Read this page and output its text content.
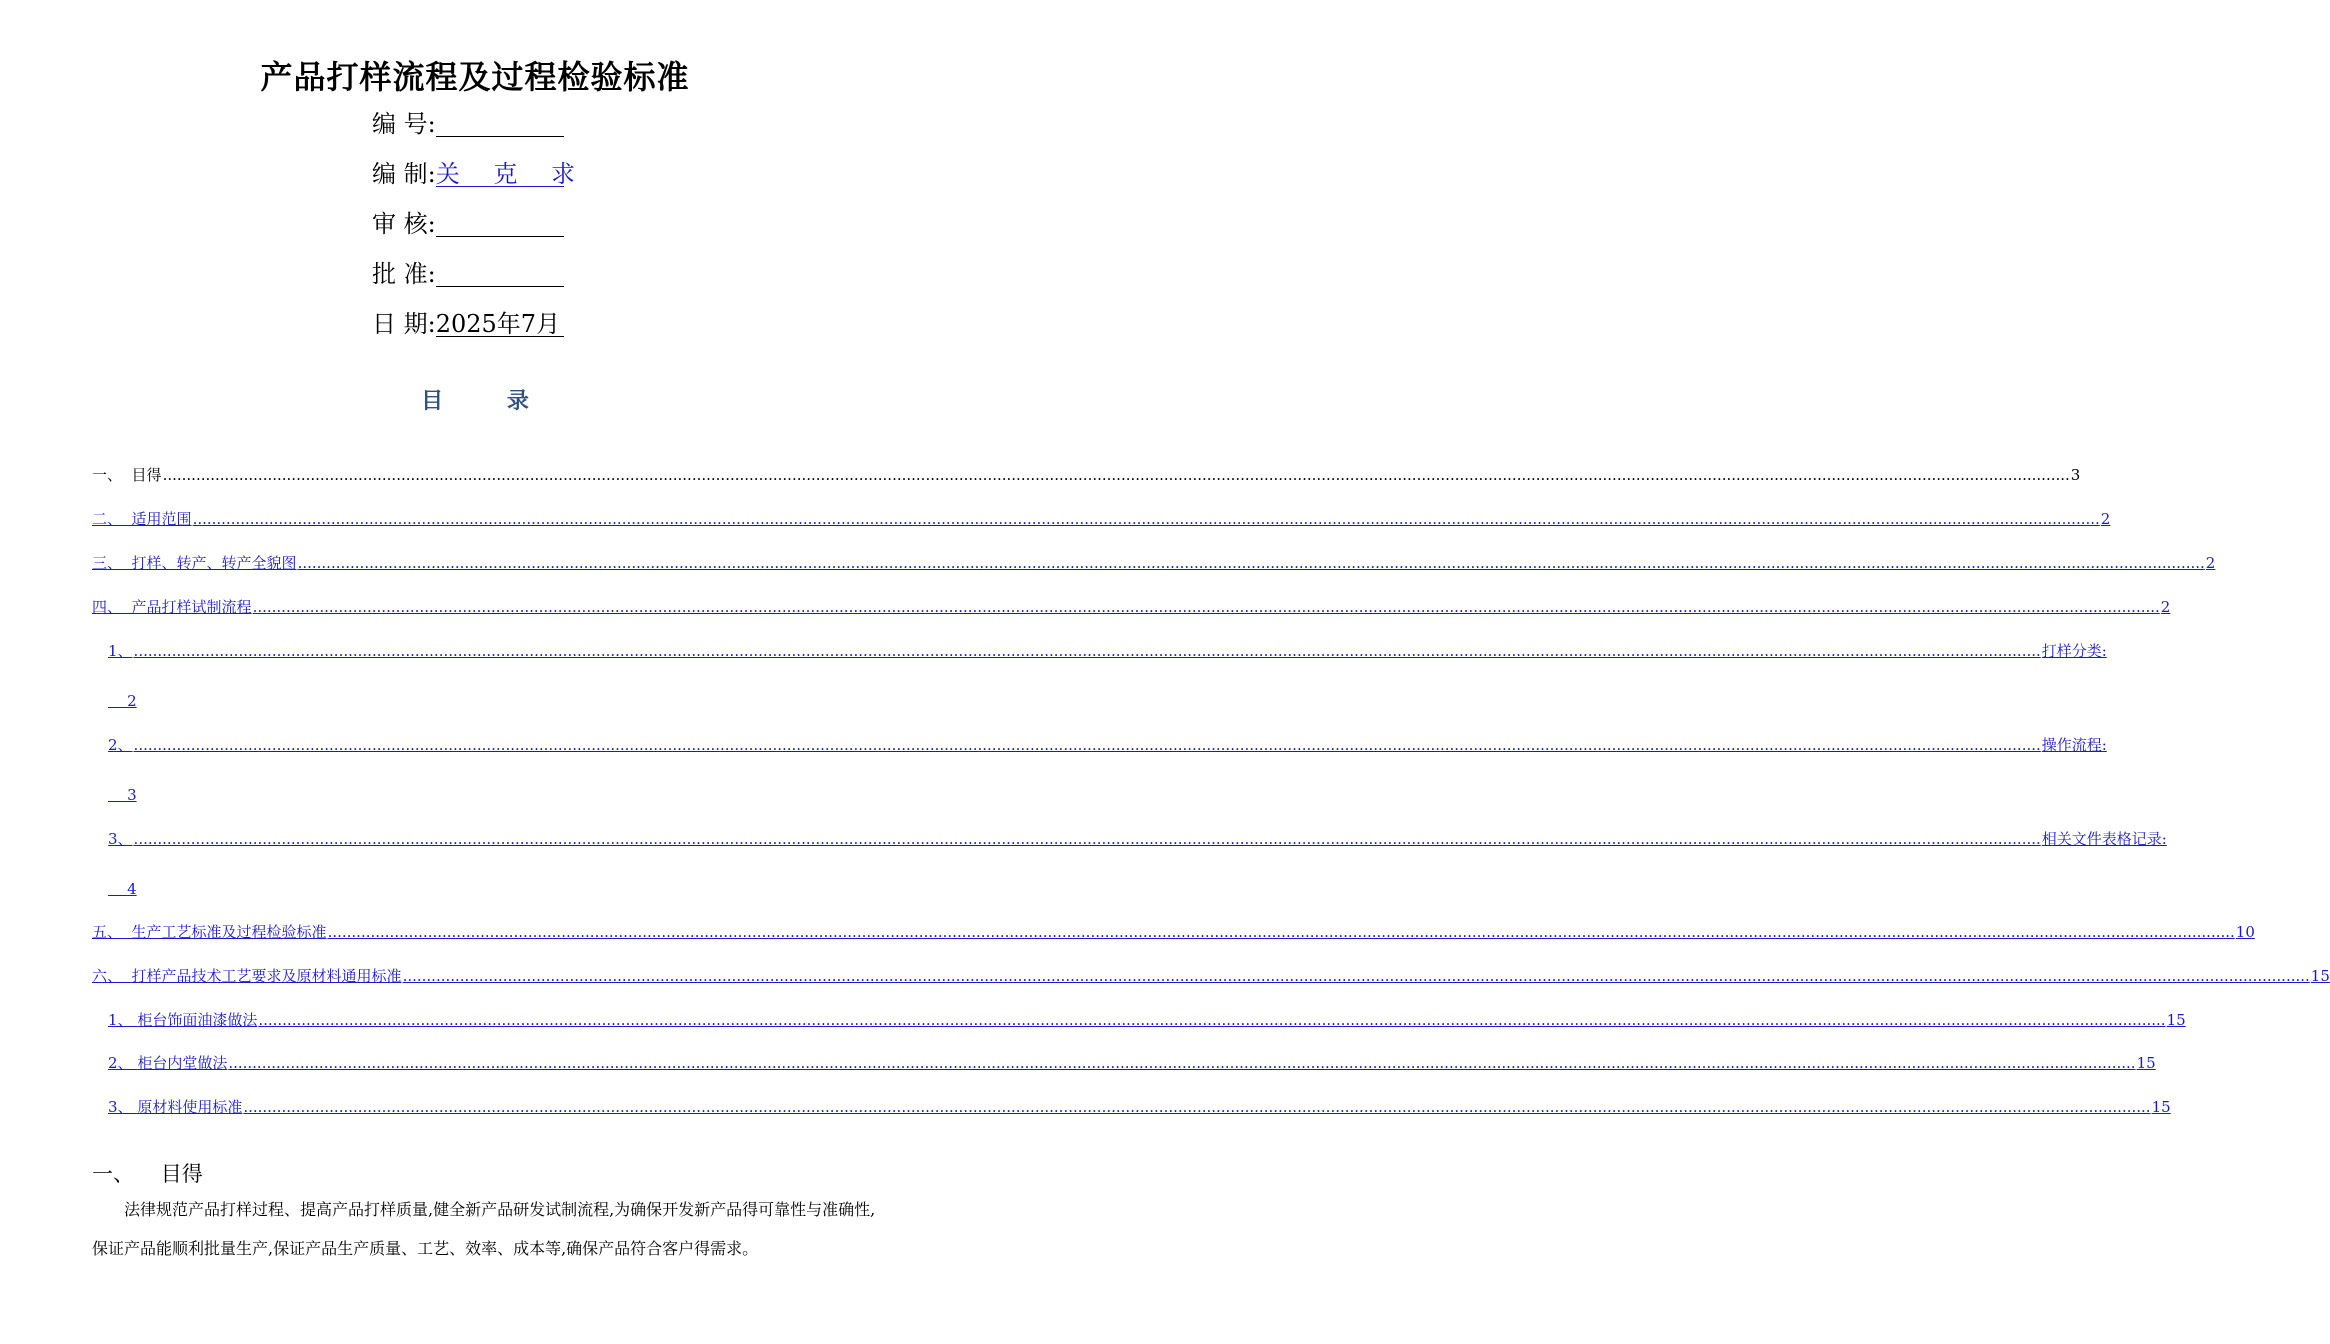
产品打样流程及过程检验标准
编 号:
编 制:关 克 求
审 核:
批 准:
日 期:2025年7月
目 录
一、 目得 ................................................................................................................................................................................................................................................................................................................................................................................................................ 3
二、 适用范围 ................................................................................................................................................................................................................................................................................................................................................................................................................ 2
三、 打样、转产、转产全貌图 ................................................................................................................................................................................................................................................................................................................................................................................................................ 2
四、 产品打样试制流程 ................................................................................................................................................................................................................................................................................................................................................................................................................ 2
1、 ................................................................................................................................................................................................................................................................................................................................................................................................................ 打样分类:
2
2、 ................................................................................................................................................................................................................................................................................................................................................................................................................ 操作流程:
3
3、 ................................................................................................................................................................................................................................................................................................................................................................................................................ 相关文件表格记录:
4
五、 生产工艺标准及过程检验标准 ................................................................................................................................................................................................................................................................................................................................................................................................................ 10
六、 打样产品技术工艺要求及原材料通用标准 ................................................................................................................................................................................................................................................................................................................................................................................................................ 15
1、 柜台饰面油漆做法 ................................................................................................................................................................................................................................................................................................................................................................................................................ 15
2、 柜台内堂做法 ................................................................................................................................................................................................................................................................................................................................................................................................................ 15
3、 原材料使用标准 ................................................................................................................................................................................................................................................................................................................................................................................................................ 15
一、 目得
法律规范产品打样过程、提高产品打样质量,健全新产品研发试制流程,为确保开发新产品得可靠性与准确性,保证产品能顺利批量生产,保证产品生产质量、工艺、效率、成本等,确保产品符合客户得需求。
